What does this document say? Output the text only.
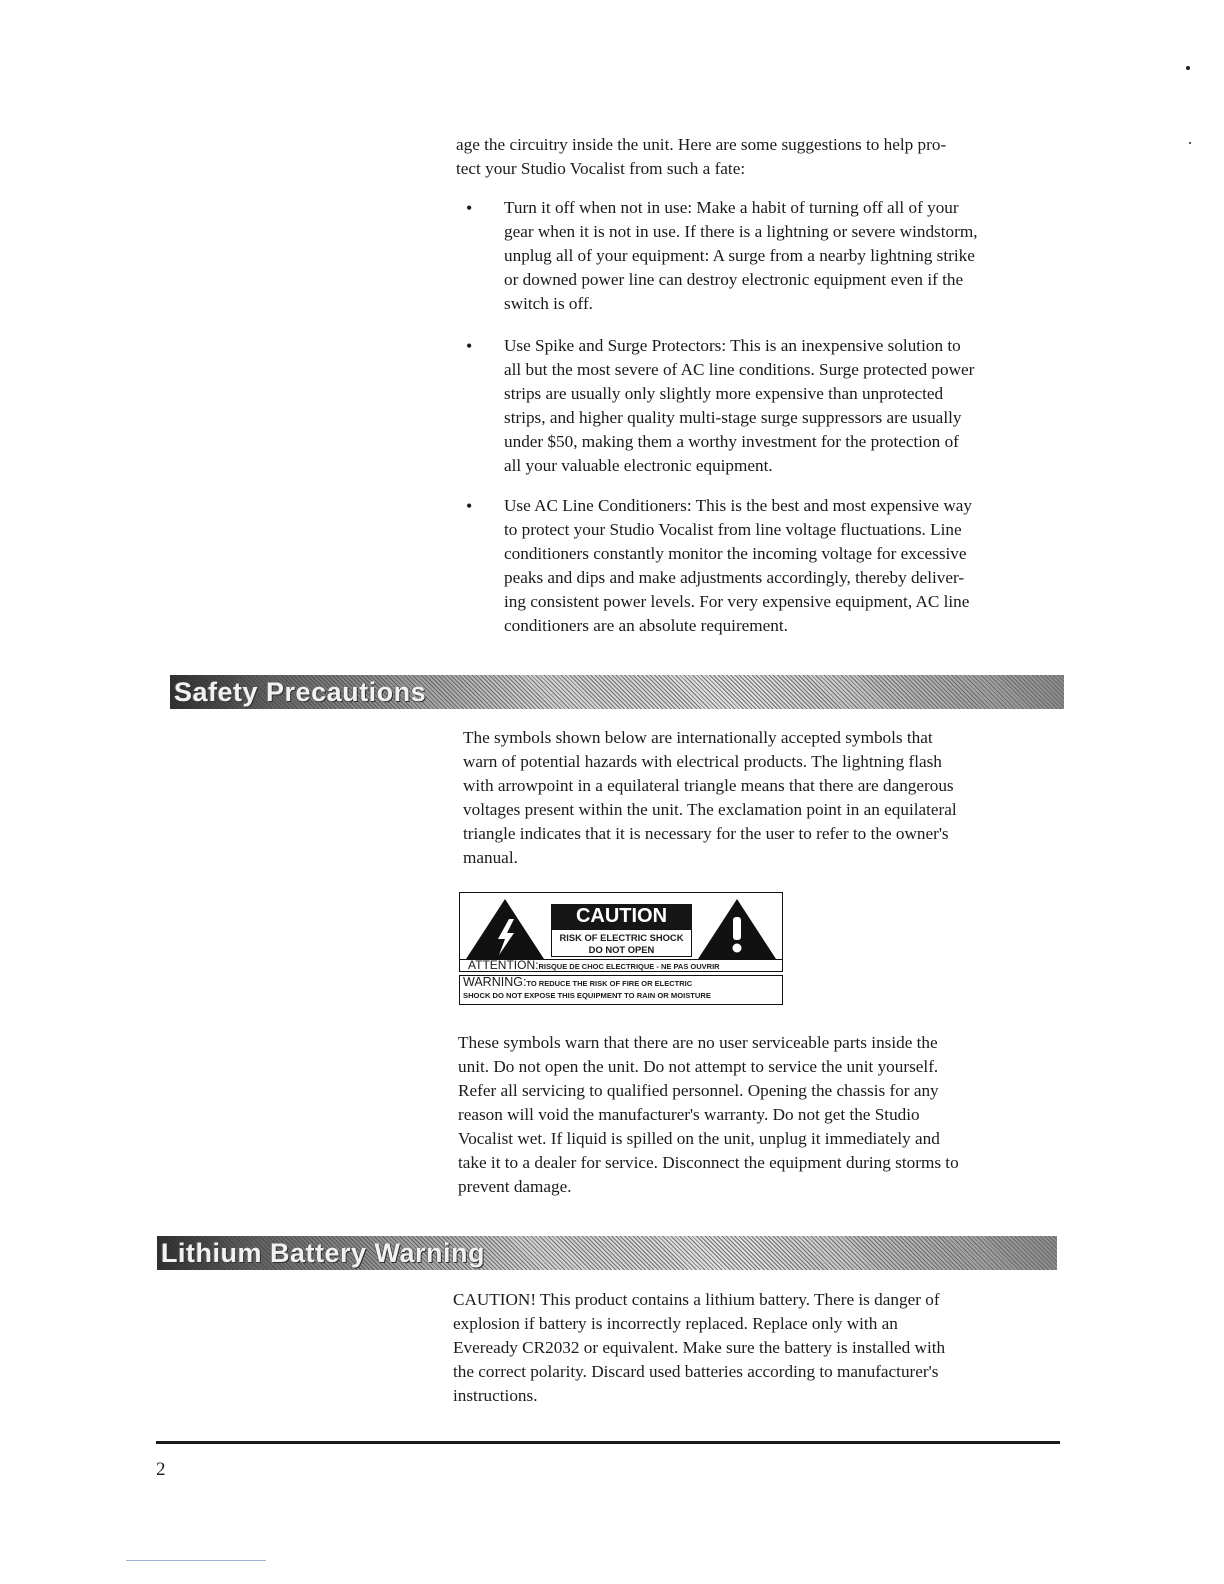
age the circuitry inside the unit. Here are some suggestions to help pro-
tect your Studio Vocalist from such a fate:
• Turn it off when not in use: Make a habit of turning off all of your
gear when it is not in use. If there is a lightning or severe windstorm,
unplug all of your equipment: A surge from a nearby lightning strike
or downed power line can destroy electronic equipment even if the
switch is off.
• Use Spike and Surge Protectors: This is an inexpensive solution to
all but the most severe of AC line conditions. Surge protected power
strips are usually only slightly more expensive than unprotected
strips, and higher quality multi-stage surge suppressors are usually
under $50, making them a worthy investment for the protection of
all your valuable electronic equipment.
• Use AC Line Conditioners: This is the best and most expensive way
to protect your Studio Vocalist from line voltage fluctuations. Line
conditioners constantly monitor the incoming voltage for excessive
peaks and dips and make adjustments accordingly, thereby deliver-
ing consistent power levels. For very expensive equipment, AC line
conditioners are an absolute requirement.
Safety Precautions
The symbols shown below are internationally accepted symbols that
warn of potential hazards with electrical products. The lightning flash
with arrowpoint in a equilateral triangle means that there are dangerous
voltages present within the unit. The exclamation point in an equilateral
triangle indicates that it is necessary for the user to refer to the owner's
manual.
CAUTION
RISK OF ELECTRIC SHOCK
DO NOT OPEN
ATTENTION:RISQUE DE CHOC ELECTRIQUE - NE PAS OUVRIR
WARNING:TO REDUCE THE RISK OF FIRE OR ELECTRIC
SHOCK DO NOT EXPOSE THIS EQUIPMENT TO RAIN OR MOISTURE
These symbols warn that there are no user serviceable parts inside the
unit. Do not open the unit. Do not attempt to service the unit yourself.
Refer all servicing to qualified personnel. Opening the chassis for any
reason will void the manufacturer's warranty. Do not get the Studio
Vocalist wet. If liquid is spilled on the unit, unplug it immediately and
take it to a dealer for service. Disconnect the equipment during storms to
prevent damage.
Lithium Battery Warning
CAUTION! This product contains a lithium battery. There is danger of
explosion if battery is incorrectly replaced. Replace only with an
Eveready CR2032 or equivalent. Make sure the battery is installed with
the correct polarity. Discard used batteries according to manufacturer's
instructions.
2
